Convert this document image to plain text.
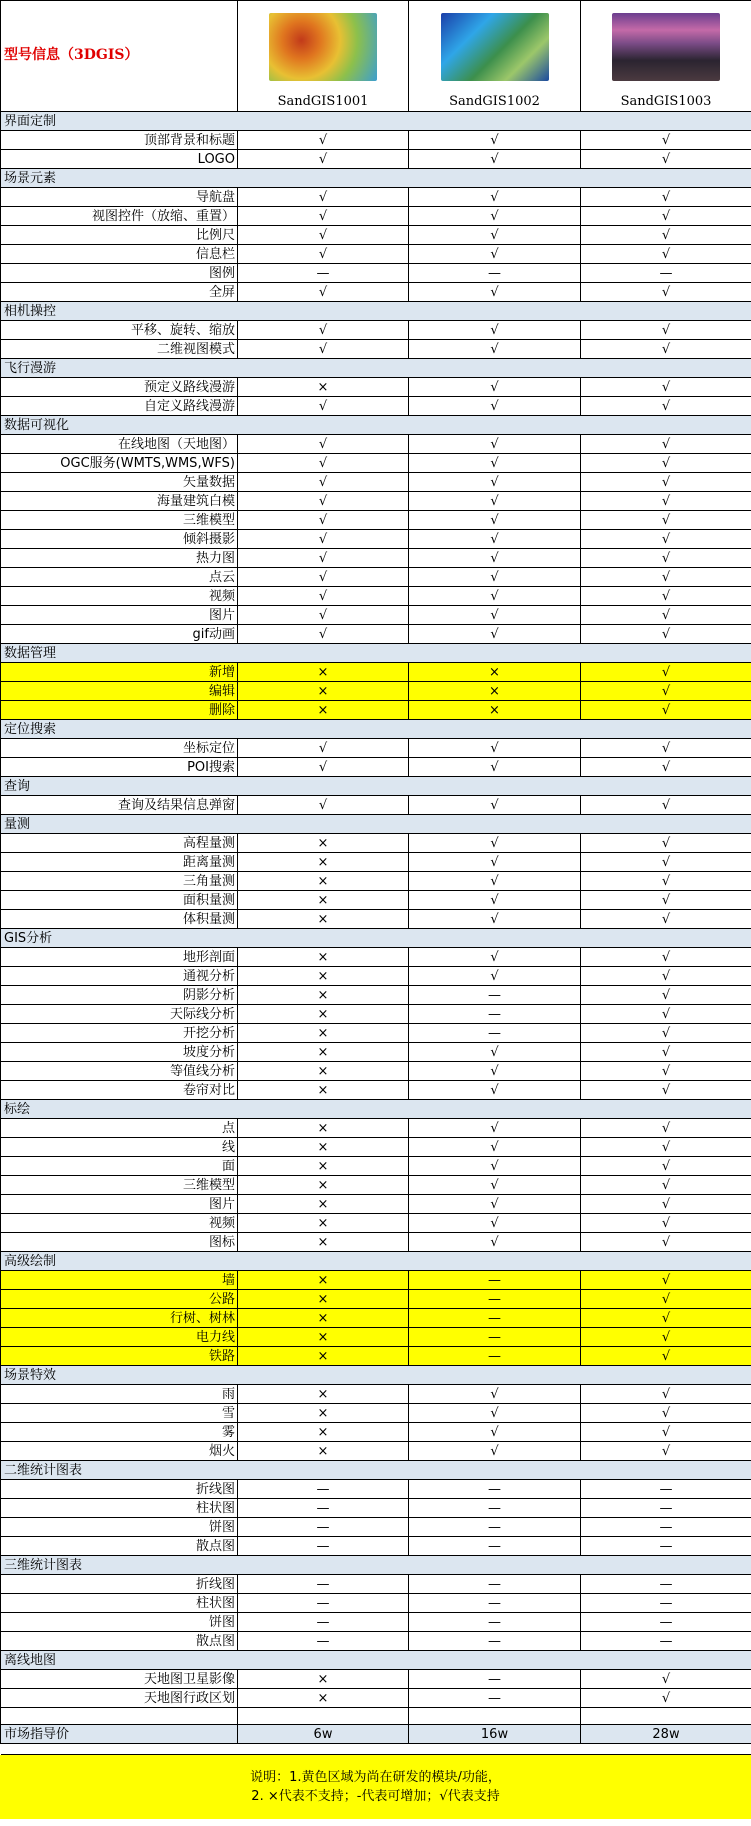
型号信息（3DGIS）	SandGIS1001	SandGIS1002	SandGIS1003

界面定制			
顶部背景和标题	√	√	√
LOGO	√	√	√
场景元素			
导航盘	√	√	√
视图控件（放缩、重置）	√	√	√
比例尺	√	√	√
信息栏	√	√	√
图例	—	—	—
全屏	√	√	√
相机操控			
平移、旋转、缩放	√	√	√
二维视图模式	√	√	√
飞行漫游			
预定义路线漫游	×	√	√
自定义路线漫游	√	√	√
数据可视化			
在线地图（天地图）	√	√	√
OGC服务(WMTS,WMS,WFS)	√	√	√
矢量数据	√	√	√
海量建筑白模	√	√	√
三维模型	√	√	√
倾斜摄影	√	√	√
热力图	√	√	√
点云	√	√	√
视频	√	√	√
图片	√	√	√
gif动画	√	√	√
数据管理			
新增	×	×	√
编辑	×	×	√
删除	×	×	√
定位搜索			
坐标定位	√	√	√
POI搜索	√	√	√
查询			
查询及结果信息弹窗	√	√	√
量测			
高程量测	×	√	√
距离量测	×	√	√
三角量测	×	√	√
面积量测	×	√	√
体积量测	×	√	√
GIS分析			
地形剖面	×	√	√
通视分析	×	√	√
阴影分析	×	—	√
天际线分析	×	—	√
开挖分析	×	—	√
坡度分析	×	√	√
等值线分析	×	√	√
卷帘对比	×	√	√
标绘			
点	×	√	√
线	×	√	√
面	×	√	√
三维模型	×	√	√
图片	×	√	√
视频	×	√	√
图标	×	√	√
高级绘制			
墙	×	—	√
公路	×	—	√
行树、树林	×	—	√
电力线	×	—	√
铁路	×	—	√
场景特效			
雨	×	√	√
雪	×	√	√
雾	×	√	√
烟火	×	√	√
二维统计图表			
折线图	—	—	—
柱状图	—	—	—
饼图	—	—	—
散点图	—	—	—
三维统计图表			
折线图	—	—	—
柱状图	—	—	—
饼图	—	—	—
散点图	—	—	—
离线地图			
天地图卫星影像	×	—	√
天地图行政区划	×	—	√

市场指导价	6w	16w	28w

说明：1.黄色区域为尚在研发的模块/功能，
2. ×代表不支持；-代表可增加；√代表支持
